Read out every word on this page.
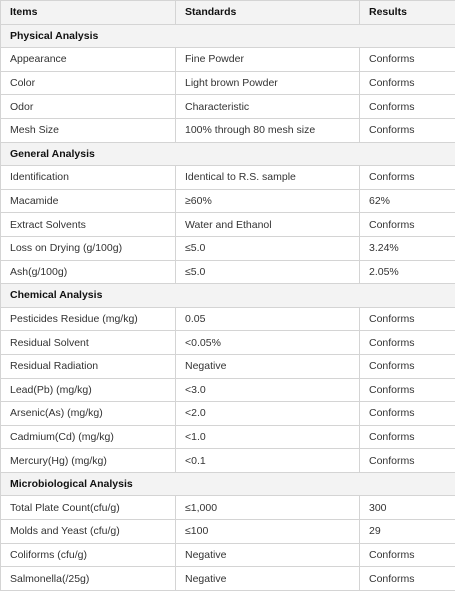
Items	Standards	Results
Physical Analysis		
Appearance	Fine Powder	Conforms
Color	Light brown Powder	Conforms
Odor	Characteristic	Conforms
Mesh Size	100% through 80 mesh size	Conforms
General Analysis		
Identification	Identical to R.S. sample	Conforms
Macamide	≥60%	62%
Extract Solvents	Water and Ethanol	Conforms
Loss on Drying (g/100g)	≤5.0	3.24%
Ash(g/100g)	≤5.0	2.05%
Chemical Analysis		
Pesticides Residue (mg/kg)	0.05	Conforms
Residual Solvent	<0.05%	Conforms
Residual Radiation	Negative	Conforms
Lead(Pb) (mg/kg)	<3.0	Conforms
Arsenic(As) (mg/kg)	<2.0	Conforms
Cadmium(Cd) (mg/kg)	<1.0	Conforms
Mercury(Hg) (mg/kg)	<0.1	Conforms
Microbiological Analysis		
Total Plate Count(cfu/g)	≤1,000	300
Molds and Yeast (cfu/g)	≤100	29
Coliforms (cfu/g)	Negative	Conforms
Salmonella(/25g)	Negative	Conforms
